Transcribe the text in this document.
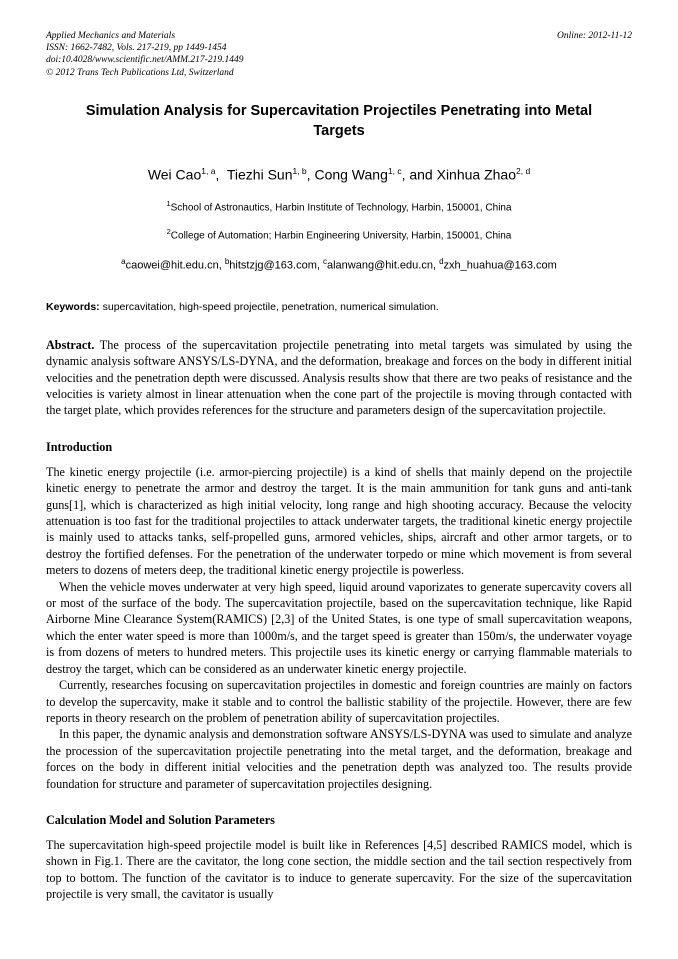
Applied Mechanics and Materials
ISSN: 1662-7482, Vols. 217-219, pp 1449-1454
doi:10.4028/www.scientific.net/AMM.217-219.1449
© 2012 Trans Tech Publications Ltd, Switzerland
Online: 2012-11-12
Simulation Analysis for Supercavitation Projectiles Penetrating into Metal Targets
Wei Cao$^{1, a}$, Tiezhi Sun$^{1, b}$, Cong Wang$^{1, c}$, and Xinhua Zhao$^{2, d}$
$^1$School of Astronautics, Harbin Institute of Technology, Harbin, 150001, China
$^2$College of Automation; Harbin Engineering University, Harbin, 150001, China
$^a$caowei@hit.edu.cn, $^b$hitstzjg@163.com, $^c$alanwang@hit.edu.cn, $^d$zxh_huahua@163.com
Keywords: supercavitation, high-speed projectile, penetration, numerical simulation.
Abstract. The process of the supercavitation projectile penetrating into metal targets was simulated by using the dynamic analysis software ANSYS/LS-DYNA, and the deformation, breakage and forces on the body in different initial velocities and the penetration depth were discussed. Analysis results show that there are two peaks of resistance and the velocities is variety almost in linear attenuation when the cone part of the projectile is moving through contacted with the target plate, which provides references for the structure and parameters design of the supercavitation projectile.
Introduction

The kinetic energy projectile (i.e. armor-piercing projectile) is a kind of shells that mainly depend on the projectile kinetic energy to penetrate the armor and destroy the target. It is the main ammunition for tank guns and anti-tank guns[1], which is characterized as high initial velocity, long range and high shooting accuracy. Because the velocity attenuation is too fast for the traditional projectiles to attack underwater targets, the traditional kinetic energy projectile is mainly used to attacks tanks, self-propelled guns, armored vehicles, ships, aircraft and other armor targets, or to destroy the fortified defenses. For the penetration of the underwater torpedo or mine which movement is from several meters to dozens of meters deep, the traditional kinetic energy projectile is powerless.

When the vehicle moves underwater at very high speed, liquid around vaporizates to generate supercavity covers all or most of the surface of the body. The supercavitation projectile, based on the supercavitation technique, like Rapid Airborne Mine Clearance System(RAMICS) [2,3] of the United States, is one type of small supercavitation weapons, which the enter water speed is more than 1000m/s, and the target speed is greater than 150m/s, the underwater voyage is from dozens of meters to hundred meters. This projectile uses its kinetic energy or carrying flammable materials to destroy the target, which can be considered as an underwater kinetic energy projectile.

Currently, researches focusing on supercavitation projectiles in domestic and foreign countries are mainly on factors to develop the supercavity, make it stable and to control the ballistic stability of the projectile. However, there are few reports in theory research on the problem of penetration ability of supercavitation projectiles.

In this paper, the dynamic analysis and demonstration software ANSYS/LS-DYNA was used to simulate and analyze the procession of the supercavitation projectile penetrating into the metal target, and the deformation, breakage and forces on the body in different initial velocities and the penetration depth was analyzed too. The results provide foundation for structure and parameter of supercavitation projectiles designing.

Calculation Model and Solution Parameters

The supercavitation high-speed projectile model is built like in References [4,5] described RAMICS model, which is shown in Fig.1. There are the cavitator, the long cone section, the middle section and the tail section respectively from top to bottom. The function of the cavitator is to induce to generate supercavity. For the size of the supercavitation projectile is very small, the cavitator is usually
